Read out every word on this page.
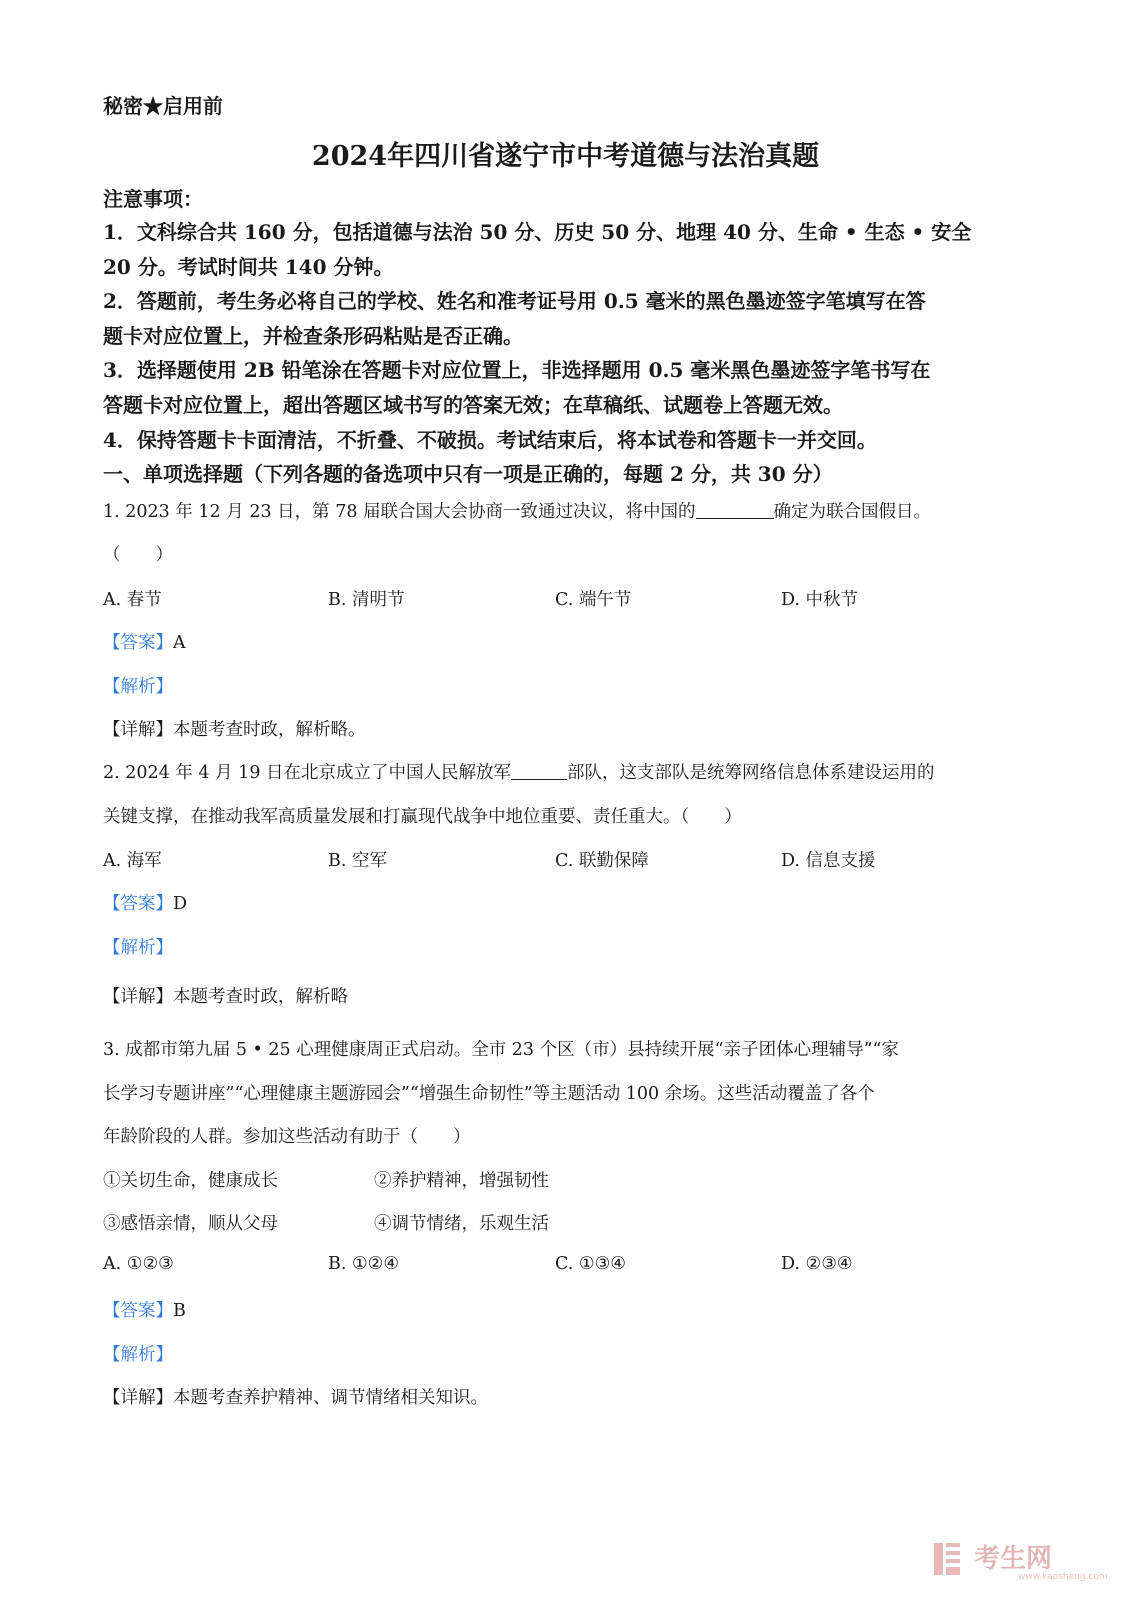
秘密★启用前
2024年四川省遂宁市中考道德与法治真题
注意事项：
1．文科综合共 160 分，包括道德与法治 50 分、历史 50 分、地理 40 分、生命 • 生态 • 安全
20 分。考试时间共 140 分钟。
2．答题前，考生务必将自己的学校、姓名和准考证号用 0.5 毫米的黑色墨迹签字笔填写在答
题卡对应位置上，并检查条形码粘贴是否正确。
3．选择题使用 2B 铅笔涂在答题卡对应位置上，非选择题用 0.5 毫米黑色墨迹签字笔书写在
答题卡对应位置上，超出答题区域书写的答案无效；在草稿纸、试题卷上答题无效。
4．保持答题卡卡面清洁，不折叠、不破损。考试结束后，将本试卷和答题卡一并交回。
一、单项选择题（下列各题的备选项中只有一项是正确的，每题 2 分，共 30 分）
1. 2023 年 12 月 23 日，第 78 届联合国大会协商一致通过决议，将中国的	确定为联合国假日。
（　　）
A. 春节	B. 清明节	C. 端午节	D. 中秋节
【答案】A
【解析】
【详解】本题考查时政，解析略。
2. 2024 年 4 月 19 日在北京成立了中国人民解放军	部队，这支部队是统筹网络信息体系建设运用的
关键支撑，在推动我军高质量发展和打赢现代战争中地位重要、责任重大。（　　）
A. 海军	B. 空军	C. 联勤保障	D. 信息支援
【答案】D
【解析】
【详解】本题考查时政，解析略
3. 成都市第九届 5 • 25 心理健康周正式启动。全市 23 个区（市）县持续开展“亲子团体心理辅导”“家
长学习专题讲座”“心理健康主题游园会”“增强生命韧性”等主题活动 100 余场。这些活动覆盖了各个
年龄阶段的人群。参加这些活动有助于（　　）
①关切生命，健康成长	②养护精神，增强韧性
③感悟亲情，顺从父母	④调节情绪，乐观生活
A. ①②③	B. ①②④	C. ①③④	D. ②③④
【答案】B
【解析】
【详解】本题考查养护精神、调节情绪相关知识。
考生网
www.kaosheng.com
